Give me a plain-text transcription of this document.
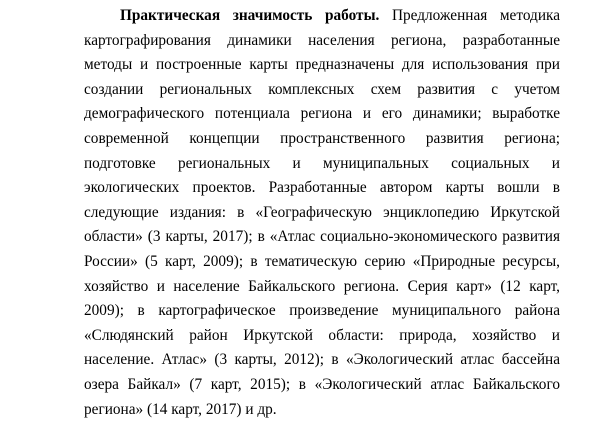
Практическая значимость работы. Предложенная методика картографирования динамики населения региона, разработанные методы и построенные карты предназначены для использования при создании региональных комплексных схем развития с учетом демографического потенциала региона и его динамики; выработке современной концепции пространственного развития региона; подготовке региональных и муниципальных социальных и экологических проектов. Разработанные автором карты вошли в следующие издания: в «Географическую энциклопедию Иркутской области» (3 карты, 2017); в «Атлас социально-экономического развития России» (5 карт, 2009); в тематическую серию «Природные ресурсы, хозяйство и население Байкальского региона. Серия карт» (12 карт, 2009); в картографическое произведение муниципального района «Слюдянский район Иркутской области: природа, хозяйство и население. Атлас» (3 карты, 2012); в «Экологический атлас бассейна озера Байкал» (7 карт, 2015); в «Экологический атлас Байкальского региона» (14 карт, 2017) и др.
